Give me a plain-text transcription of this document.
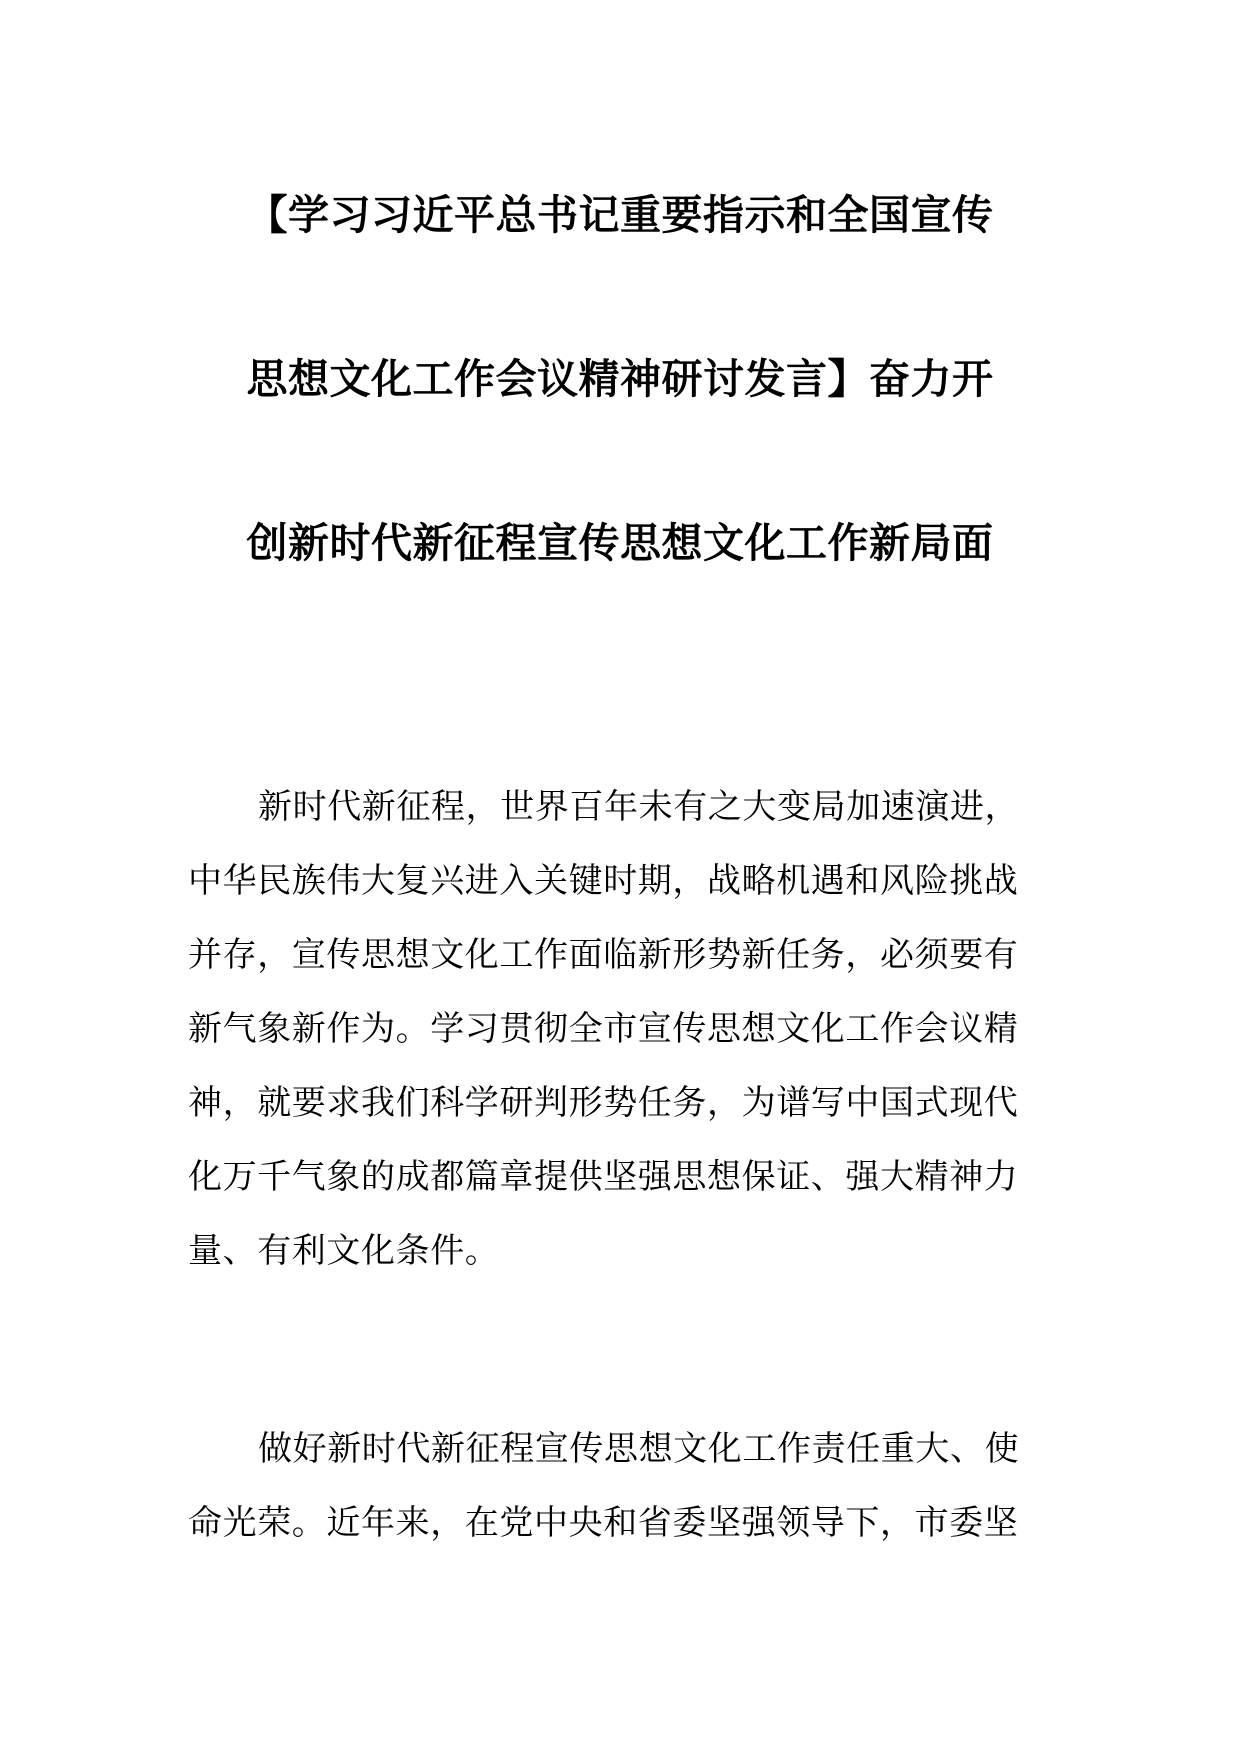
【学习习近平总书记重要指示和全国宣传
思想文化工作会议精神研讨发言】奋力开
创新时代新征程宣传思想文化工作新局面
新时代新征程，世界百年未有之大变局加速演进，
中华民族伟大复兴进入关键时期，战略机遇和风险挑战
并存，宣传思想文化工作面临新形势新任务，必须要有
新气象新作为。学习贯彻全市宣传思想文化工作会议精
神，就要求我们科学研判形势任务，为谱写中国式现代
化万千气象的成都篇章提供坚强思想保证、强大精神力
量、有利文化条件。
做好新时代新征程宣传思想文化工作责任重大、使
命光荣。近年来，在党中央和省委坚强领导下，市委坚
